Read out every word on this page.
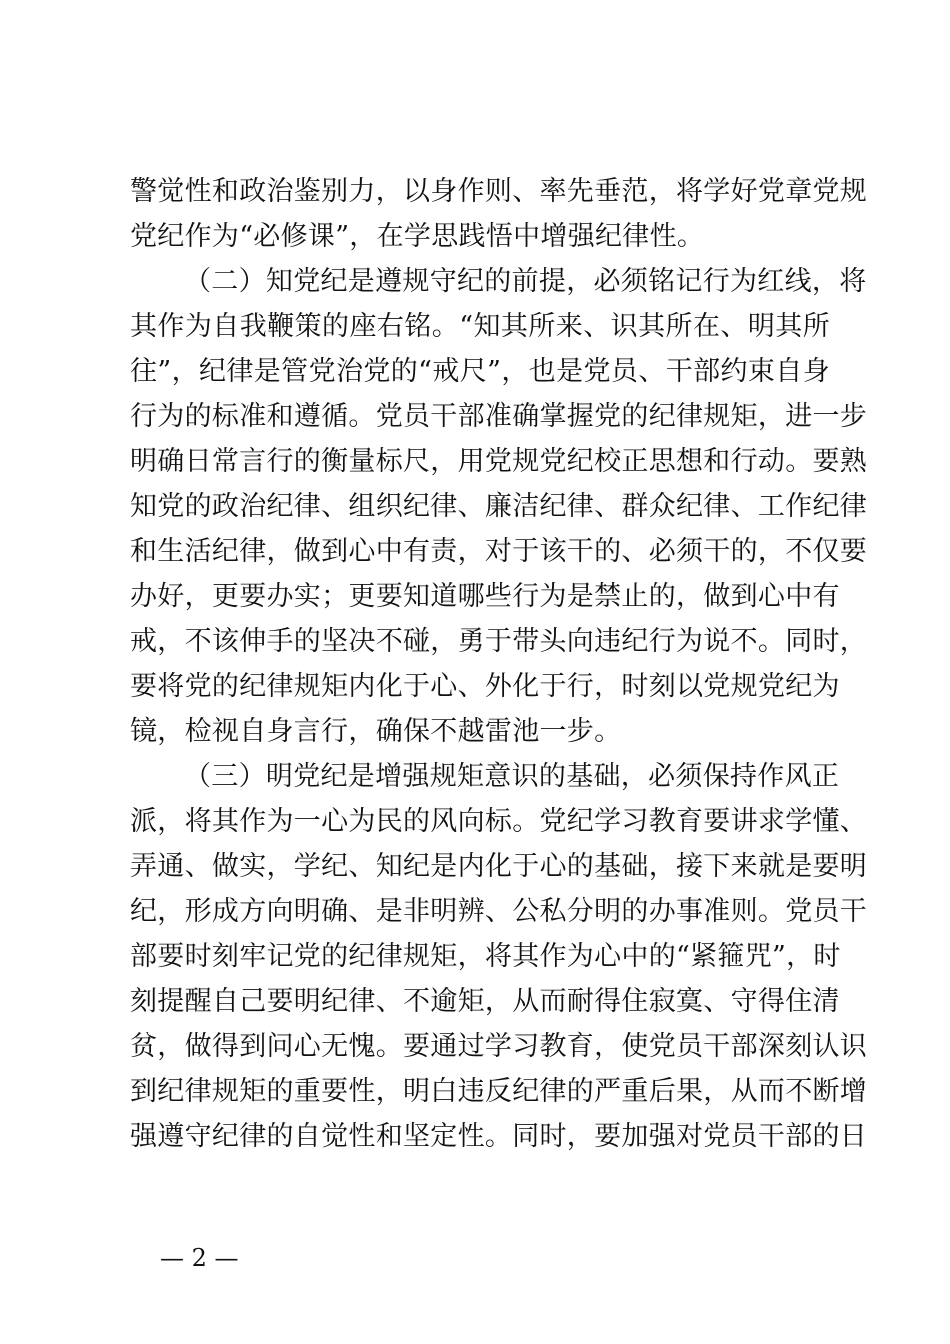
警觉性和政治鉴别力，以身作则、率先垂范，将学好党章党规
党纪作为“必修课”，在学思践悟中增强纪律性。
（二）知党纪是遵规守纪的前提，必须铭记行为红线，将
其作为自我鞭策的座右铭。“知其所来、识其所在、明其所
往”，纪律是管党治党的“戒尺”，也是党员、干部约束自身
行为的标准和遵循。党员干部准确掌握党的纪律规矩，进一步
明确日常言行的衡量标尺，用党规党纪校正思想和行动。要熟
知党的政治纪律、组织纪律、廉洁纪律、群众纪律、工作纪律
和生活纪律，做到心中有责，对于该干的、必须干的，不仅要
办好，更要办实；更要知道哪些行为是禁止的，做到心中有
戒，不该伸手的坚决不碰，勇于带头向违纪行为说不。同时，
要将党的纪律规矩内化于心、外化于行，时刻以党规党纪为
镜，检视自身言行，确保不越雷池一步。
（三）明党纪是增强规矩意识的基础，必须保持作风正
派，将其作为一心为民的风向标。党纪学习教育要讲求学懂、
弄通、做实，学纪、知纪是内化于心的基础，接下来就是要明
纪，形成方向明确、是非明辨、公私分明的办事准则。党员干
部要时刻牢记党的纪律规矩，将其作为心中的“紧箍咒”，时
刻提醒自己要明纪律、不逾矩，从而耐得住寂寞、守得住清
贫，做得到问心无愧。要通过学习教育，使党员干部深刻认识
到纪律规矩的重要性，明白违反纪律的严重后果，从而不断增
强遵守纪律的自觉性和坚定性。同时，要加强对党员干部的日
— 2 —
